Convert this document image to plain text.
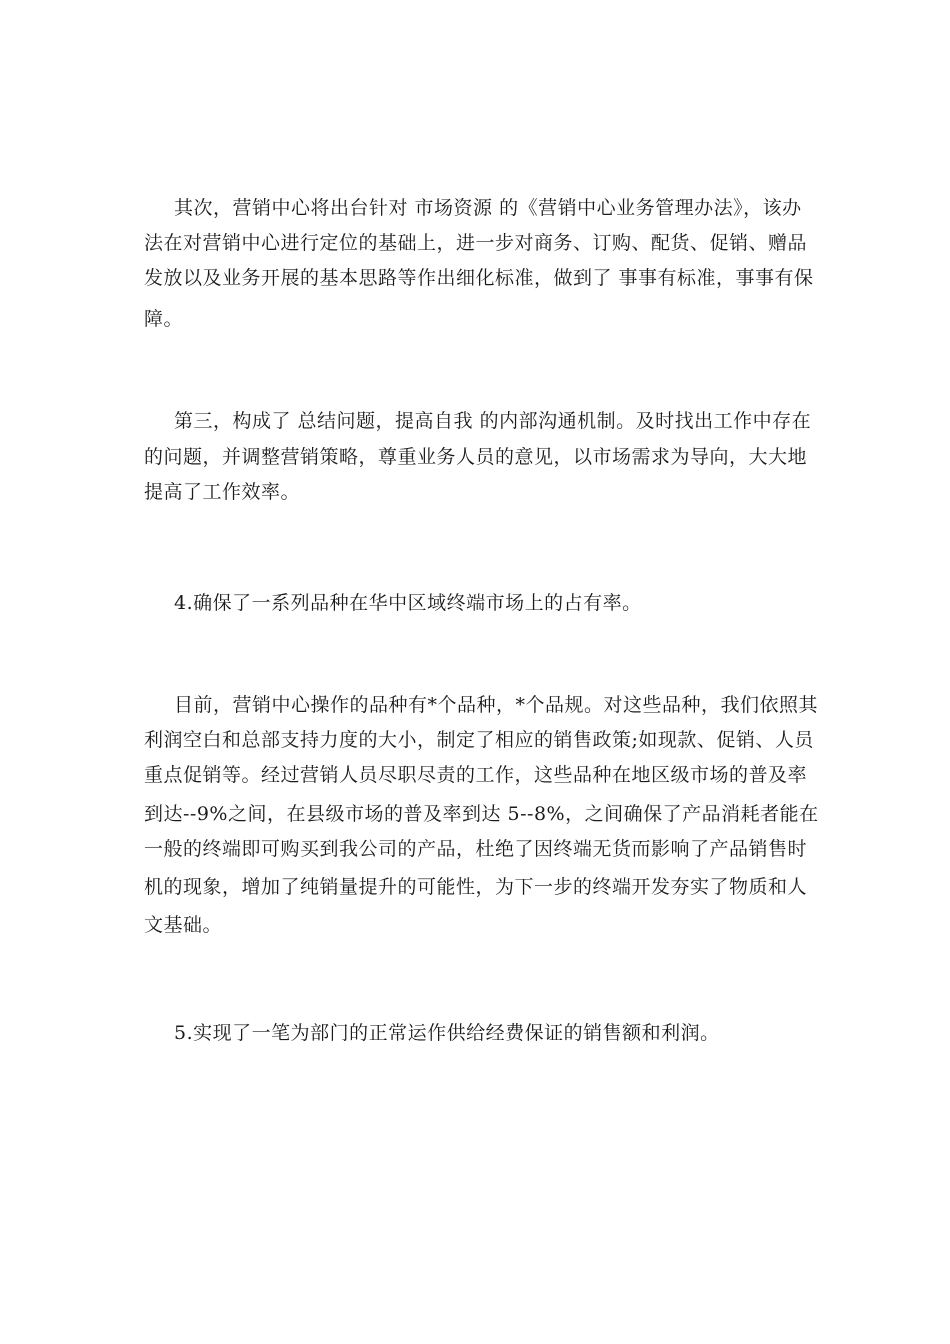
其次，营销中心将出台针对 市场资源 的《营销中心业务管理办法》，该办
法在对营销中心进行定位的基础上，进一步对商务、订购、配货、促销、赠品
发放以及业务开展的基本思路等作出细化标准，做到了 事事有标准，事事有保
障。
第三，构成了 总结问题，提高自我 的内部沟通机制。及时找出工作中存在
的问题，并调整营销策略，尊重业务人员的意见，以市场需求为导向，大大地
提高了工作效率。
4.确保了一系列品种在华中区域终端市场上的占有率。
目前，营销中心操作的品种有*个品种，*个品规。对这些品种，我们依照其
利润空白和总部支持力度的大小，制定了相应的销售政策;如现款、促销、人员
重点促销等。经过营销人员尽职尽责的工作，这些品种在地区级市场的普及率
到达--9%之间，在县级市场的普及率到达 5--8%，之间确保了产品消耗者能在
一般的终端即可购买到我公司的产品，杜绝了因终端无货而影响了产品销售时
机的现象，增加了纯销量提升的可能性，为下一步的终端开发夯实了物质和人
文基础。
5.实现了一笔为部门的正常运作供给经费保证的销售额和利润。
